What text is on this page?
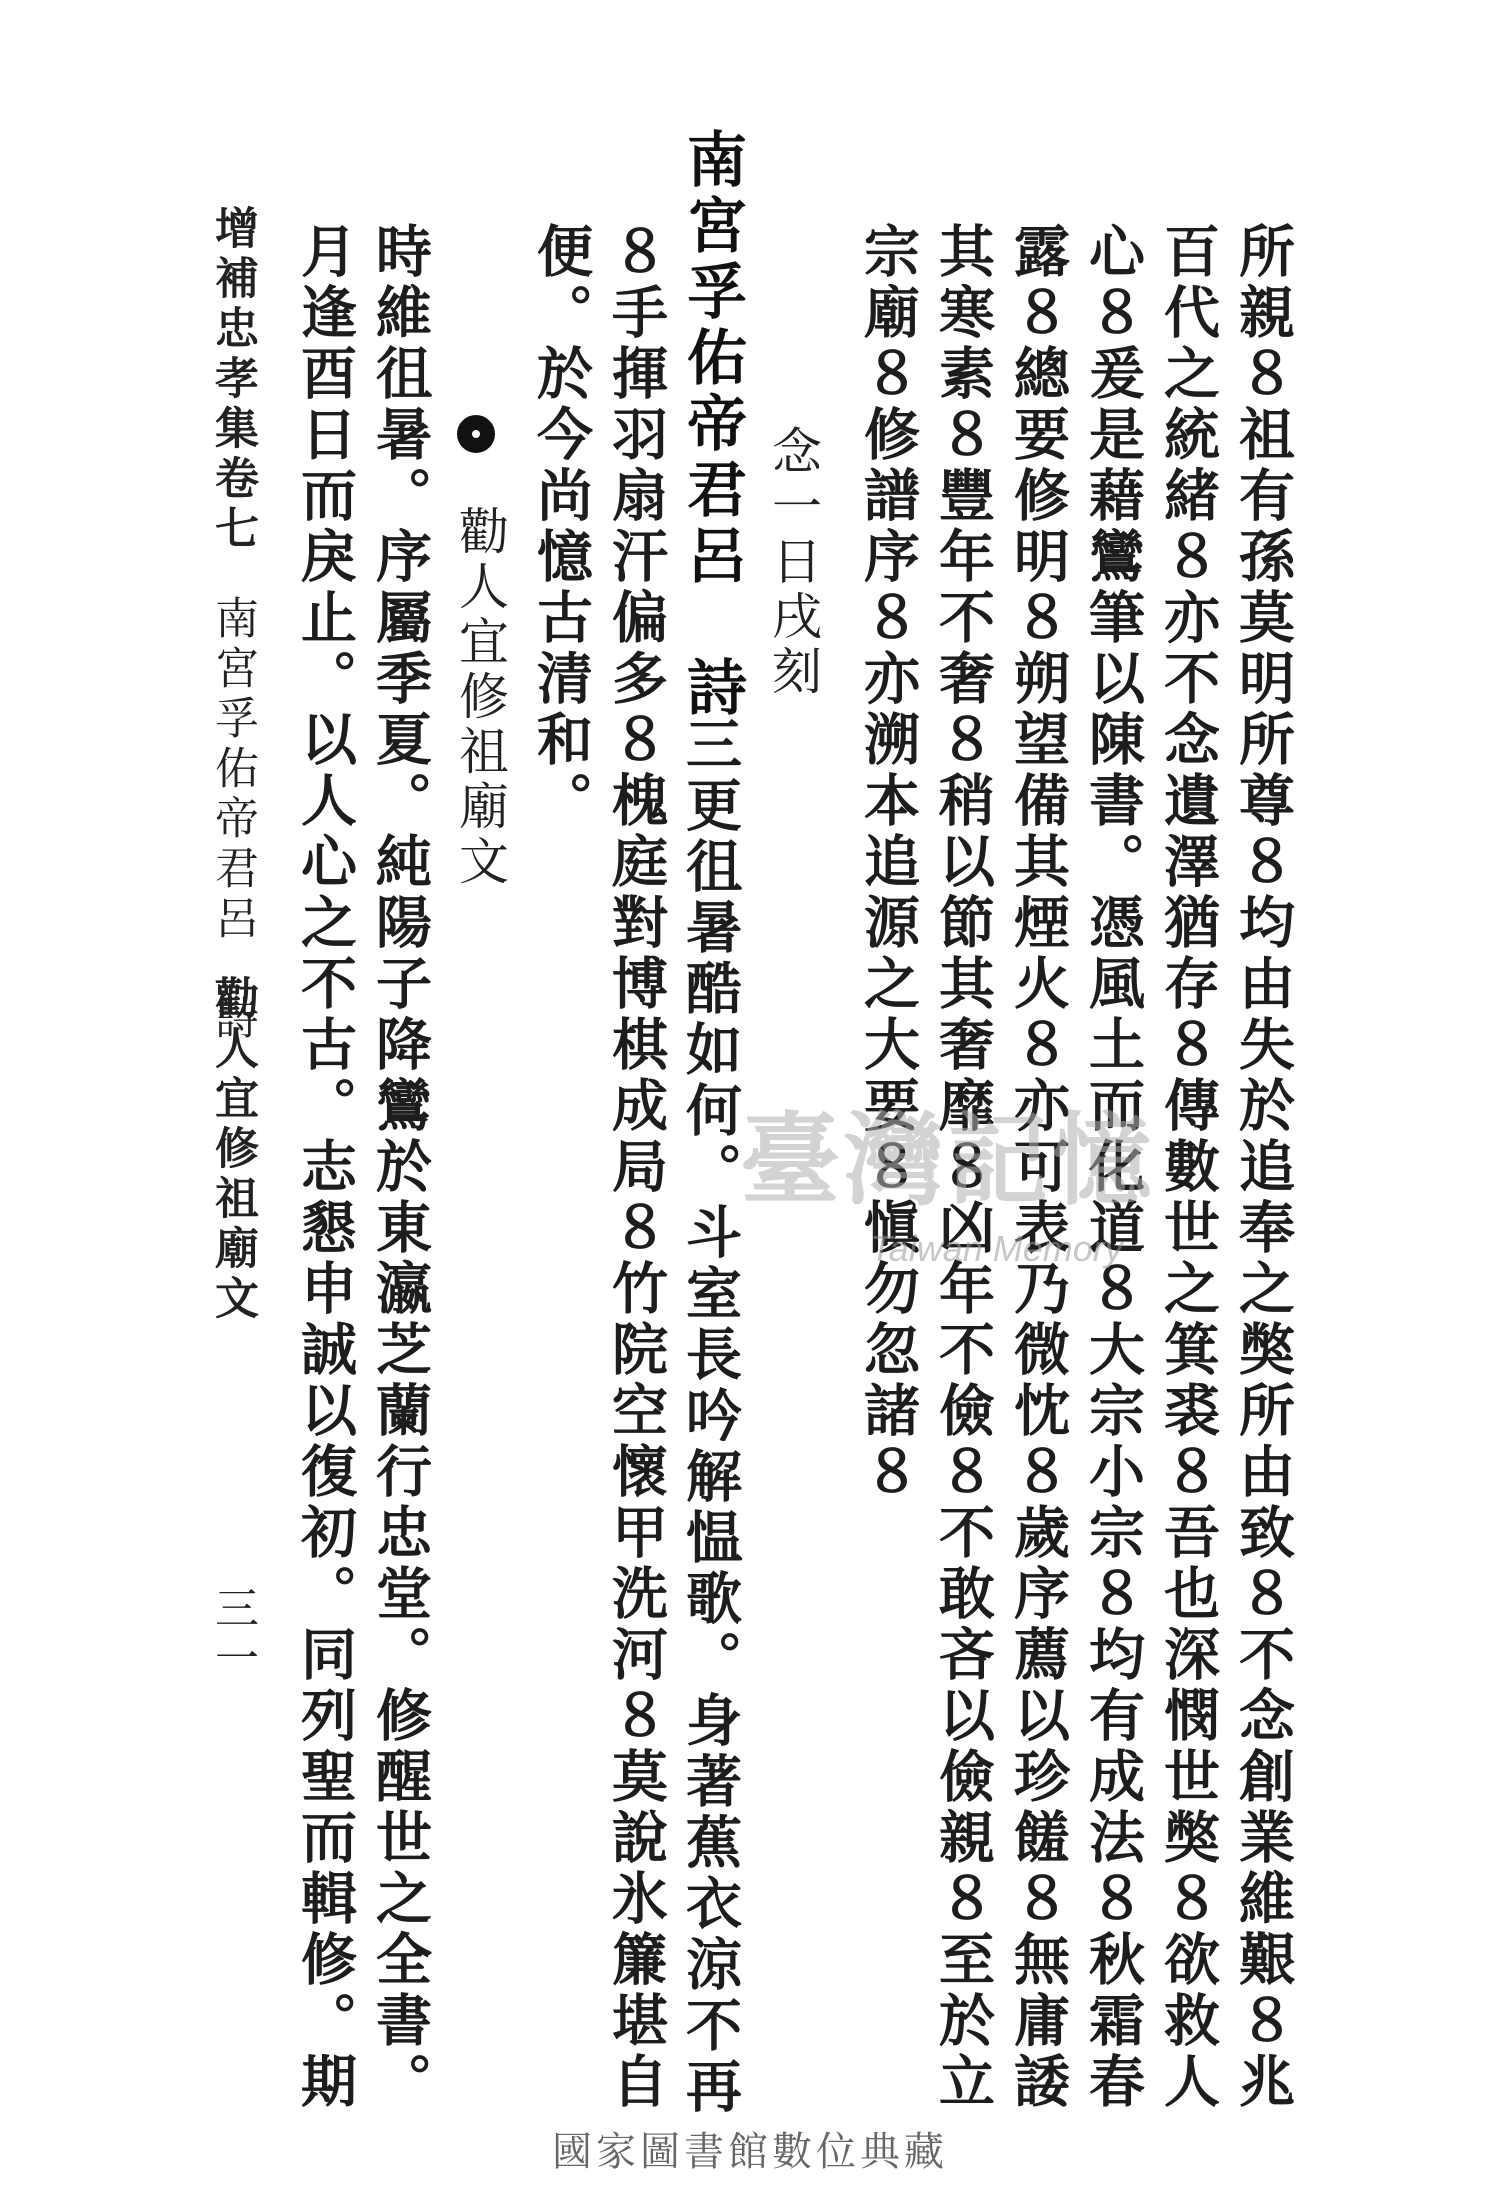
所親８祖有孫莫明所尊８均由失於追奉之獘所由致８不念創業維艱８兆
百代之統緒８亦不念遺澤猶存８傳數世之箕裘８吾也深憫世獘８欲救人
心８爰是藉鸞筆以陳書。憑風土而化道８大宗小宗８均有成法８秋霜春
露８總要修明８朔望備其煙火８亦可表乃微忱８歲序薦以珍饈８無庸諉
其寒素８豐年不奢８稍以節其奢靡８凶年不儉８不敢吝以儉親８至於立
宗廟８修譜序８亦溯本追源之大要８愼勿忽諸８
念一日戌刻
南宮孚佑帝君呂　詩
三更徂暑酷如何。斗室長吟解愠歌。身著蕉衣涼不再
８手揮羽扇汗偏多８槐庭對博棋成局８竹院空懷甲洗河８莫說氷簾堪自
便。於今尚憶古清和。
勸人宜修祖廟文
時維徂暑。序屬季夏。純陽子降鸞於東瀛芝蘭行忠堂。修醒世之全書。
月逢酉日而戾止。以人心之不古。志懇申誠以復初。同列聖而輯修。期
增補忠孝集卷七
南宮孚佑帝君呂　詩
勸人宜修祖廟文
三一
臺灣記憶
Taiwan Memory
國家圖書館數位典藏
